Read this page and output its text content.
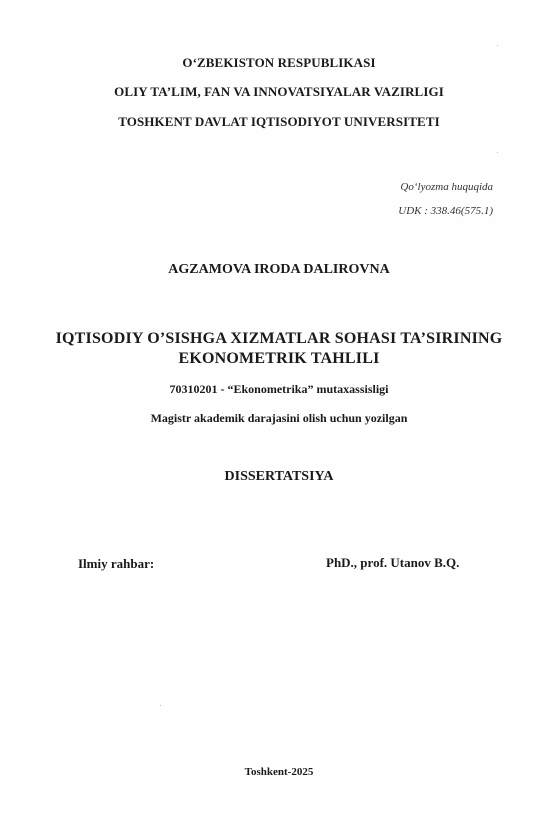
O‘ZBEKISTON RESPUBLIKASI
OLIY TA’LIM, FAN VA INNOVATSIYALAR VAZIRLIGI
TOSHKENT DAVLAT IQTISODIYOT UNIVERSITETI
Qo‘lyozma huquqida
UDK : 338.46(575.1)
AGZAMOVA IRODA DALIROVNA
IQTISODIY O’SISHGA XIZMATLAR SOHASI TA’SIRINING
EKONOMETRIK TAHLILI
70310201 - “Ekonometrika” mutaxassisligi
Magistr akademik darajasini olish uchun yozilgan
DISSERTATSIYA
Ilmiy rahbar:	PhD., prof. Utanov B.Q.
Toshkent-2025
